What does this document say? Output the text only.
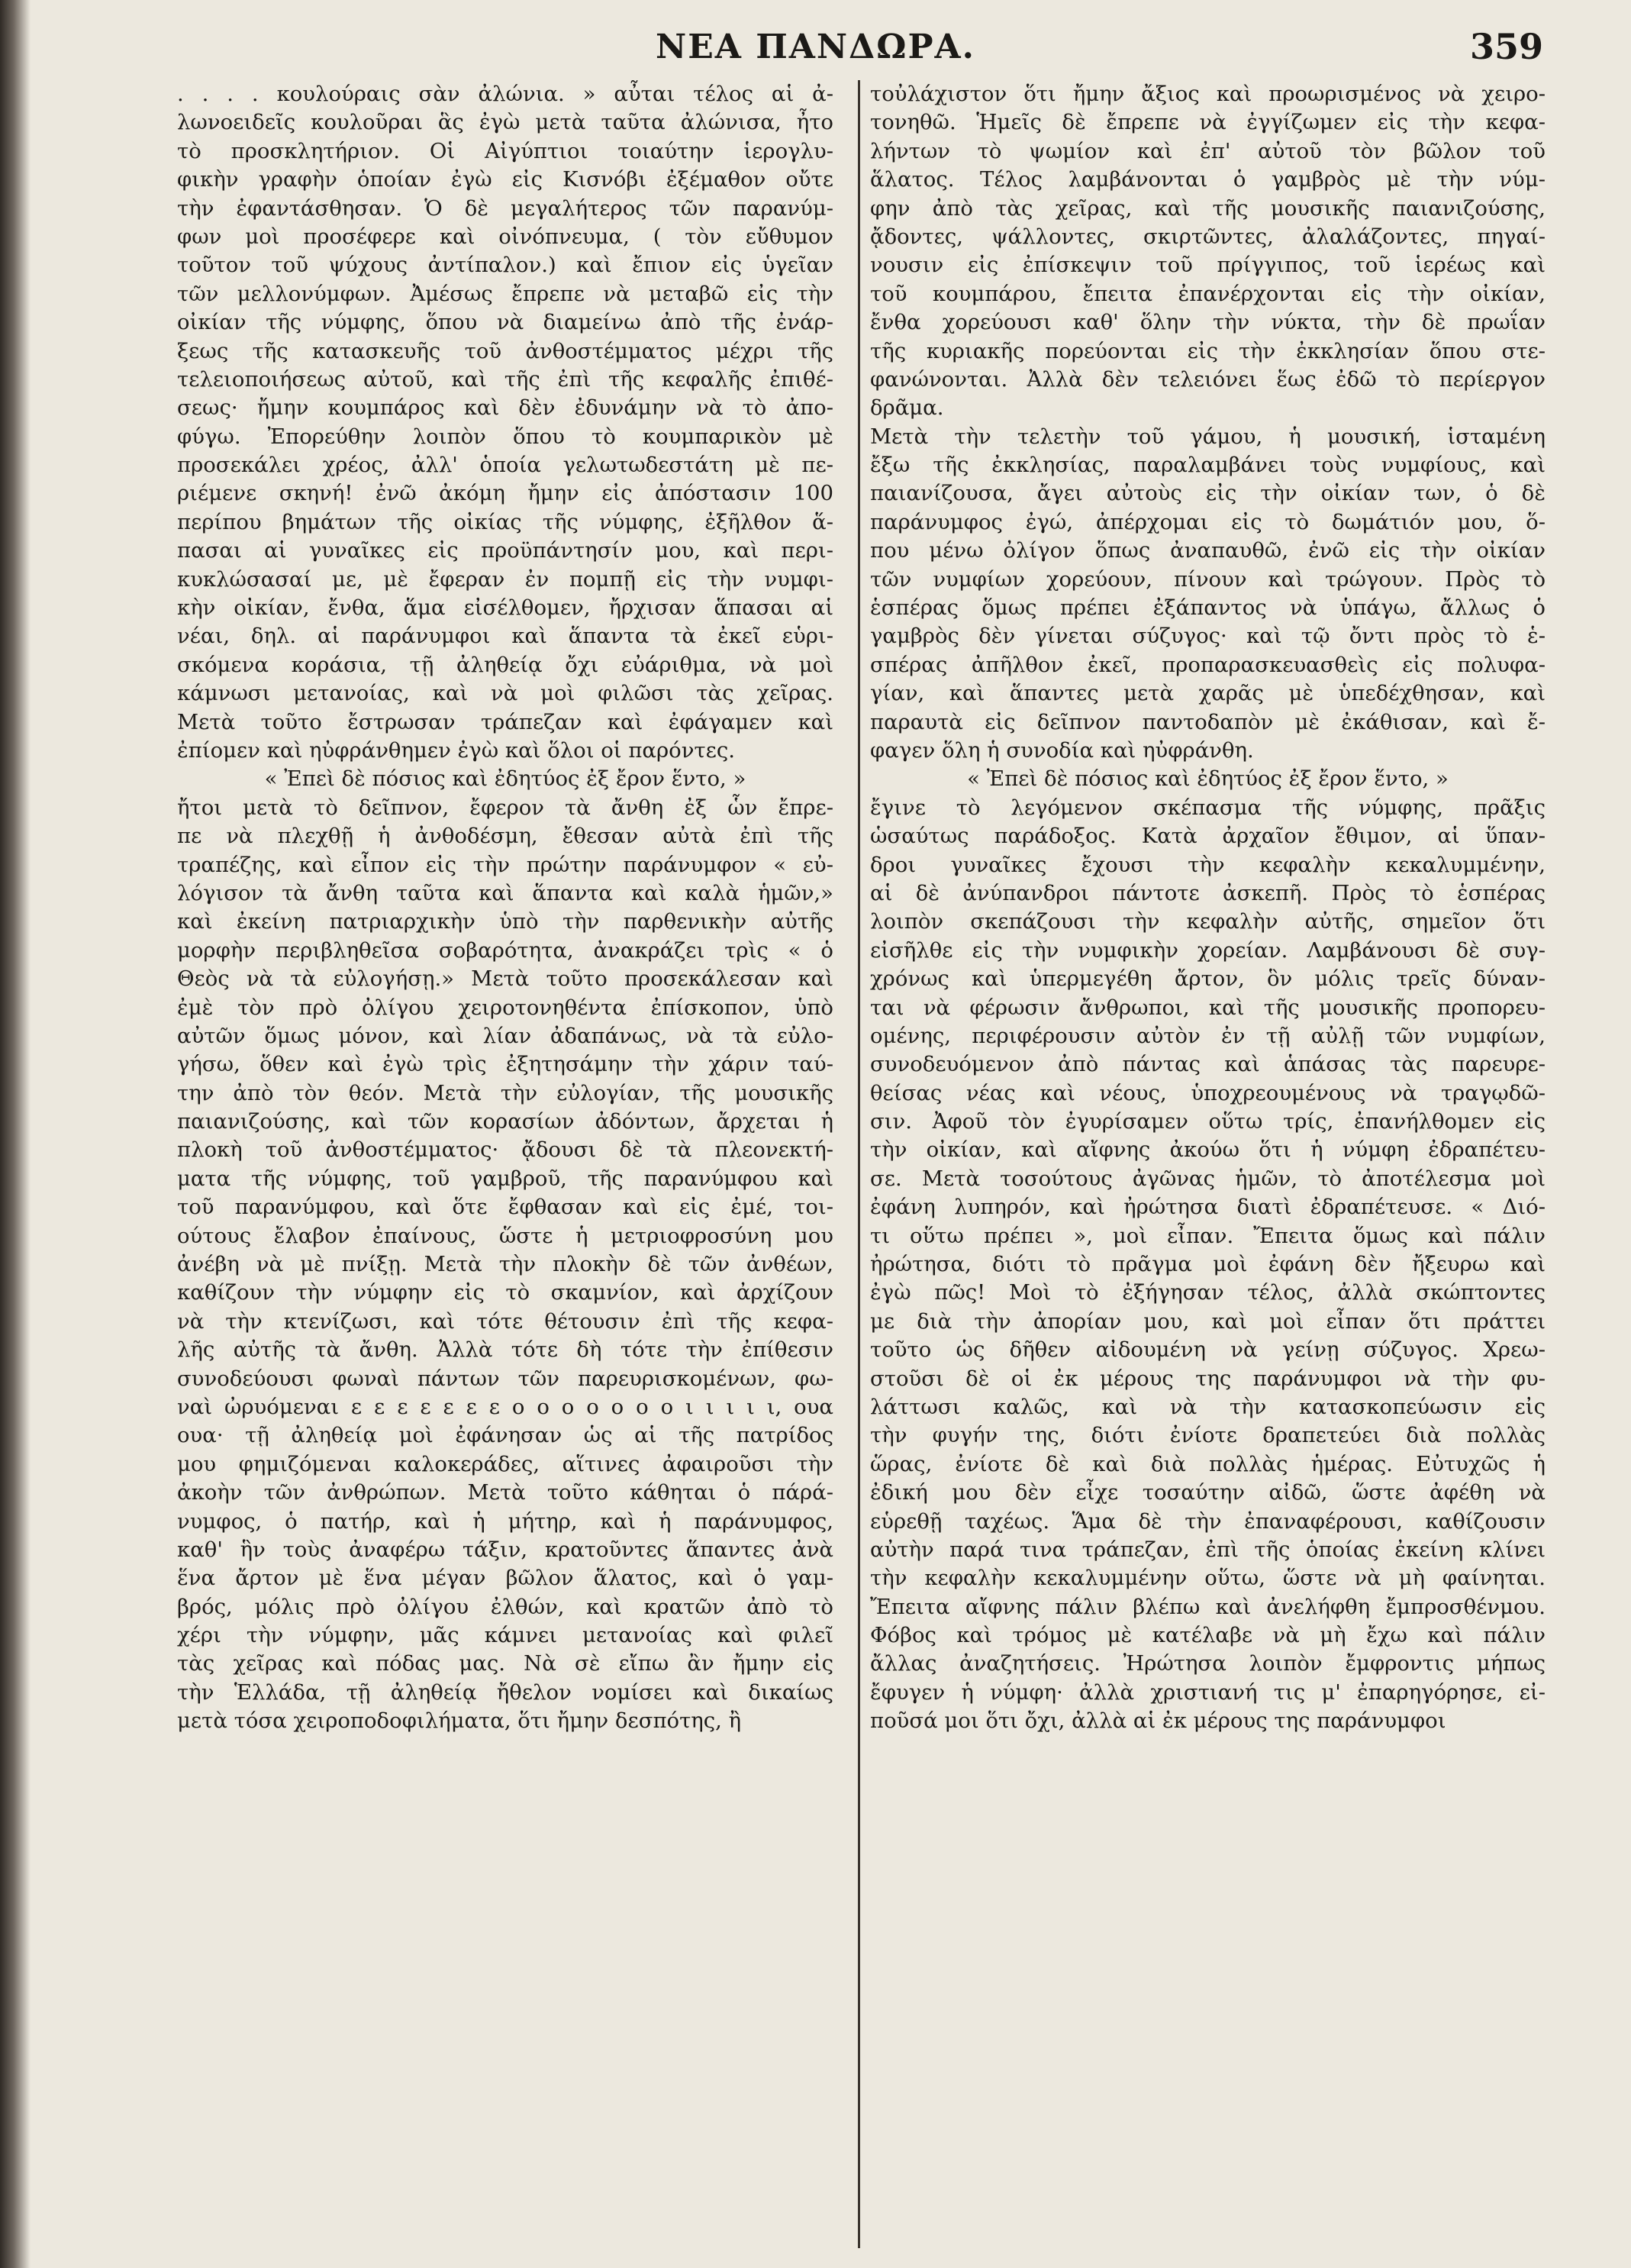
ΝΕΑ ΠΑΝΔΩΡΑ.	359
. . . . κουλούραις σὰν ἀλώνια. » αὖται τέλος αἱ ἀ-
λωνοειδεῖς κουλοῦραι ἃς ἐγὼ μετὰ ταῦτα ἀλώνισα, ἦτο
τὸ προσκλητήριον. Οἱ Αἰγύπτιοι τοιαύτην ἱερογλυ-
φικὴν γραφὴν ὁποίαν ἐγὼ εἰς Κισνόβι ἐξέμαθον οὔτε
τὴν ἐφαντάσθησαν. Ὁ δὲ μεγαλήτερος τῶν παρανύμ-
φων μοὶ προσέφερε καὶ οἰνόπνευμα, ( τὸν εὔθυμον
τοῦτον τοῦ ψύχους ἀντίπαλον.) καὶ ἔπιον εἰς ὑγεῖαν
τῶν μελλονύμφων. Ἀμέσως ἔπρεπε νὰ μεταβῶ εἰς τὴν
οἰκίαν τῆς νύμφης, ὅπου νὰ διαμείνω ἀπὸ τῆς ἐνάρ-
ξεως τῆς κατασκευῆς τοῦ ἀνθοστέμματος μέχρι τῆς
τελειοποιήσεως αὐτοῦ, καὶ τῆς ἐπὶ τῆς κεφαλῆς ἐπιθέ-
σεως· ἤμην κουμπάρος καὶ δὲν ἐδυνάμην νὰ τὸ ἀπο-
φύγω. Ἐπορεύθην λοιπὸν ὅπου τὸ κουμπαρικὸν μὲ
προσεκάλει χρέος, ἀλλ' ὁποία γελωτωδεστάτη μὲ πε-
ριέμενε σκηνή! ἐνῶ ἀκόμη ἤμην εἰς ἀπόστασιν 100
περίπου βημάτων τῆς οἰκίας τῆς νύμφης, ἐξῆλθον ἅ-
πασαι αἱ γυναῖκες εἰς προϋπάντησίν μου, καὶ περι-
κυκλώσασαί με, μὲ ἔφεραν ἐν πομπῇ εἰς τὴν νυμφι-
κὴν οἰκίαν, ἔνθα, ἅμα εἰσέλθομεν, ἤρχισαν ἅπασαι αἱ
νέαι, δηλ. αἱ παράνυμφοι καὶ ἅπαντα τὰ ἐκεῖ εὑρι-
σκόμενα κοράσια, τῇ ἀληθείᾳ ὄχι εὐάριθμα, νὰ μοὶ
κάμνωσι μετανοίας, καὶ νὰ μοὶ φιλῶσι τὰς χεῖρας.
Μετὰ τοῦτο ἔστρωσαν τράπεζαν καὶ ἐφάγαμεν καὶ
ἐπίομεν καὶ ηὐφράνθημεν ἐγὼ καὶ ὅλοι οἱ παρόντες.
« Ἐπεὶ δὲ πόσιος καὶ ἐδητύος ἐξ ἔρον ἕντο, »
ἤτοι μετὰ τὸ δεῖπνον, ἔφερον τὰ ἄνθη ἐξ ὧν ἔπρε-
πε νὰ πλεχθῇ ἡ ἀνθοδέσμη, ἔθεσαν αὐτὰ ἐπὶ τῆς
τραπέζης, καὶ εἶπον εἰς τὴν πρώτην παράνυμφον « εὐ-
λόγισον τὰ ἄνθη ταῦτα καὶ ἅπαντα καὶ καλὰ ἡμῶν,»
καὶ ἐκείνη πατριαρχικὴν ὑπὸ τὴν παρθενικὴν αὐτῆς
μορφὴν περιβληθεῖσα σοβαρότητα, ἀνακράζει τρὶς « ὁ
Θεὸς νὰ τὰ εὐλογήσῃ.» Μετὰ τοῦτο προσεκάλεσαν καὶ
ἐμὲ τὸν πρὸ ὀλίγου χειροτονηθέντα ἐπίσκοπον, ὑπὸ
αὐτῶν ὅμως μόνον, καὶ λίαν ἀδαπάνως, νὰ τὰ εὐλο-
γήσω, ὅθεν καὶ ἐγὼ τρὶς ἐξητησάμην τὴν χάριν ταύ-
την ἀπὸ τὸν θεόν. Μετὰ τὴν εὐλογίαν, τῆς μουσικῆς
παιανιζούσης, καὶ τῶν κορασίων ἀδόντων, ἄρχεται ἡ
πλοκὴ τοῦ ἀνθοστέμματος· ᾄδουσι δὲ τὰ πλεονεκτή-
ματα τῆς νύμφης, τοῦ γαμβροῦ, τῆς παρανύμφου καὶ
τοῦ παρανύμφου, καὶ ὅτε ἔφθασαν καὶ εἰς ἐμέ, τοι-
ούτους ἔλαβον ἐπαίνους, ὥστε ἡ μετριοφροσύνη μου
ἀνέβη νὰ μὲ πνίξῃ. Μετὰ τὴν πλοκὴν δὲ τῶν ἀνθέων,
καθίζουν τὴν νύμφην εἰς τὸ σκαμνίον, καὶ ἀρχίζουν
νὰ τὴν κτενίζωσι, καὶ τότε θέτουσιν ἐπὶ τῆς κεφα-
λῆς αὐτῆς τὰ ἄνθη. Ἀλλὰ τότε δὴ τότε τὴν ἐπίθεσιν
συνοδεύουσι φωναὶ πάντων τῶν παρευρισκομένων, φω-
ναὶ ὠρυόμεναι ε ε ε ε ε ε ε ο ο ο ο ο ο ο ι ι ι ι ι, ουα
ουα· τῇ ἀληθείᾳ μοὶ ἐφάνησαν ὡς αἱ τῆς πατρίδος
μου φημιζόμεναι καλοκεράδες, αἵτινες ἀφαιροῦσι τὴν
ἀκοὴν τῶν ἀνθρώπων. Μετὰ τοῦτο κάθηται ὁ πάρά-
νυμφος, ὁ πατήρ, καὶ ἡ μήτηρ, καὶ ἡ παράνυμφος,
καθ' ἣν τοὺς ἀναφέρω τάξιν, κρατοῦντες ἅπαντες ἀνὰ
ἕνα ἄρτον μὲ ἕνα μέγαν βῶλον ἅλατος, καὶ ὁ γαμ-
βρός, μόλις πρὸ ὀλίγου ἐλθών, καὶ κρατῶν ἀπὸ τὸ
χέρι τὴν νύμφην, μᾶς κάμνει μετανοίας καὶ φιλεῖ
τὰς χεῖρας καὶ πόδας μας. Νὰ σὲ εἴπω ἂν ἤμην εἰς
τὴν Ἑλλάδα, τῇ ἀληθείᾳ ἤθελον νομίσει καὶ δικαίως
μετὰ τόσα χειροποδοφιλήματα, ὅτι ἤμην δεσπότης, ἢ
τοὐλάχιστον ὅτι ἤμην ἄξιος καὶ προωρισμένος νὰ χειρο-
τονηθῶ. Ἡμεῖς δὲ ἔπρεπε νὰ ἐγγίζωμεν εἰς τὴν κεφα-
λήντων τὸ ψωμίον καὶ ἐπ' αὐτοῦ τὸν βῶλον τοῦ
ἅλατος. Τέλος λαμβάνονται ὁ γαμβρὸς μὲ τὴν νύμ-
φην ἀπὸ τὰς χεῖρας, καὶ τῆς μουσικῆς παιανιζούσης,
ᾄδοντες, ψάλλοντες, σκιρτῶντες, ἀλαλάζοντες, πηγαί-
νουσιν εἰς ἐπίσκεψιν τοῦ πρίγγιπος, τοῦ ἱερέως καὶ
τοῦ κουμπάρου, ἔπειτα ἐπανέρχονται εἰς τὴν οἰκίαν,
ἔνθα χορεύουσι καθ' ὅλην τὴν νύκτα, τὴν δὲ πρωΐαν
τῆς κυριακῆς πορεύονται εἰς τὴν ἐκκλησίαν ὅπου στε-
φανώνονται. Ἀλλὰ δὲν τελειόνει ἕως ἐδῶ τὸ περίεργον
δρᾶμα.
Μετὰ τὴν τελετὴν τοῦ γάμου, ἡ μουσική, ἱσταμένη
ἔξω τῆς ἐκκλησίας, παραλαμβάνει τοὺς νυμφίους, καὶ
παιανίζουσα, ἄγει αὐτοὺς εἰς τὴν οἰκίαν των, ὁ δὲ
παράνυμφος ἐγώ, ἀπέρχομαι εἰς τὸ δωμάτιόν μου, ὅ-
που μένω ὀλίγον ὅπως ἀναπαυθῶ, ἐνῶ εἰς τὴν οἰκίαν
τῶν νυμφίων χορεύουν, πίνουν καὶ τρώγουν. Πρὸς τὸ
ἑσπέρας ὅμως πρέπει ἐξάπαντος νὰ ὑπάγω, ἄλλως ὁ
γαμβρὸς δὲν γίνεται σύζυγος· καὶ τῷ ὄντι πρὸς τὸ ἑ-
σπέρας ἀπῆλθον ἐκεῖ, προπαρασκευασθεὶς εἰς πολυφα-
γίαν, καὶ ἅπαντες μετὰ χαρᾶς μὲ ὑπεδέχθησαν, καὶ
παραυτὰ εἰς δεῖπνον παντοδαπὸν μὲ ἐκάθισαν, καὶ ἔ-
φαγεν ὅλη ἡ συνοδία καὶ ηὐφράνθη.
« Ἐπεὶ δὲ πόσιος καὶ ἐδητύος ἐξ ἔρον ἕντο, »
ἔγινε τὸ λεγόμενον σκέπασμα τῆς νύμφης, πρᾶξις
ὡσαύτως παράδοξος. Κατὰ ἀρχαῖον ἔθιμον, αἱ ὕπαν-
δροι γυναῖκες ἔχουσι τὴν κεφαλὴν κεκαλυμμένην,
αἱ δὲ ἀνύπανδροι πάντοτε ἀσκεπῆ. Πρὸς τὸ ἑσπέρας
λοιπὸν σκεπάζουσι τὴν κεφαλὴν αὐτῆς, σημεῖον ὅτι
εἰσῆλθε εἰς τὴν νυμφικὴν χορείαν. Λαμβάνουσι δὲ συγ-
χρόνως καὶ ὑπερμεγέθη ἄρτον, ὃν μόλις τρεῖς δύναν-
ται νὰ φέρωσιν ἄνθρωποι, καὶ τῆς μουσικῆς προπορευ-
ομένης, περιφέρουσιν αὐτὸν ἐν τῇ αὐλῇ τῶν νυμφίων,
συνοδευόμενον ἀπὸ πάντας καὶ ἁπάσας τὰς παρευρε-
θείσας νέας καὶ νέους, ὑποχρεουμένους νὰ τραγῳδῶ-
σιν. Ἀφοῦ τὸν ἐγυρίσαμεν οὕτω τρίς, ἐπανήλθομεν εἰς
τὴν οἰκίαν, καὶ αἴφνης ἀκούω ὅτι ἡ νύμφη ἐδραπέτευ-
σε. Μετὰ τοσούτους ἀγῶνας ἡμῶν, τὸ ἀποτέλεσμα μοὶ
ἐφάνη λυπηρόν, καὶ ἠρώτησα διατὶ ἐδραπέτευσε. « Διό-
τι οὕτω πρέπει », μοὶ εἶπαν. Ἔπειτα ὅμως καὶ πάλιν
ἠρώτησα, διότι τὸ πρᾶγμα μοὶ ἐφάνη δὲν ἤξευρω καὶ
ἐγὼ πῶς! Μοὶ τὸ ἐξήγησαν τέλος, ἀλλὰ σκώπτοντες
με διὰ τὴν ἀπορίαν μου, καὶ μοὶ εἶπαν ὅτι πράττει
τοῦτο ὡς δῆθεν αἰδουμένη νὰ γείνῃ σύζυγος. Χρεω-
στοῦσι δὲ οἱ ἐκ μέρους της παράνυμφοι νὰ τὴν φυ-
λάττωσι καλῶς, καὶ νὰ τὴν κατασκοπεύωσιν εἰς
τὴν φυγήν της, διότι ἐνίοτε δραπετεύει διὰ πολλὰς
ὥρας, ἐνίοτε δὲ καὶ διὰ πολλὰς ἡμέρας. Εὐτυχῶς ἡ
ἐδική μου δὲν εἶχε τοσαύτην αἰδῶ, ὥστε ἀφέθη νὰ
εὑρεθῇ ταχέως. Ἅμα δὲ τὴν ἐπαναφέρουσι, καθίζουσιν
αὐτὴν παρά τινα τράπεζαν, ἐπὶ τῆς ὁποίας ἐκείνη κλίνει
τὴν κεφαλὴν κεκαλυμμένην οὕτω, ὥστε νὰ μὴ φαίνηται.
Ἔπειτα αἴφνης πάλιν βλέπω καὶ ἀνελήφθη ἔμπροσθένμου.
Φόβος καὶ τρόμος μὲ κατέλαβε νὰ μὴ ἔχω καὶ πάλιν
ἄλλας ἀναζητήσεις. Ἠρώτησα λοιπὸν ἔμφροντις μήπως
ἔφυγεν ἡ νύμφη· ἀλλὰ χριστιανή τις μ' ἐπαρηγόρησε, εἰ-
ποῦσά μοι ὅτι ὄχι, ἀλλὰ αἱ ἐκ μέρους της παράνυμφοι
